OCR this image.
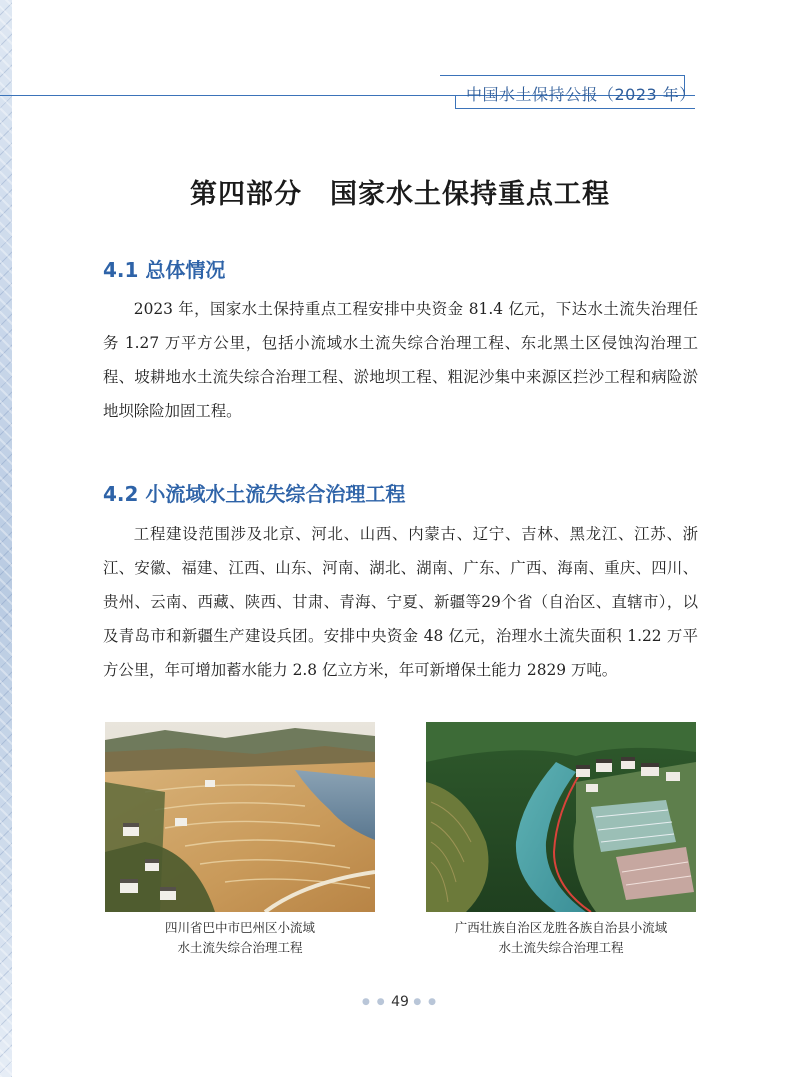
中国水土保持公报（2023 年）
第四部分　国家水土保持重点工程
4.1 总体情况

2023 年，国家水土保持重点工程安排中央资金 81.4 亿元，下达水土流失治理任务 1.27 万平方公里，包括小流域水土流失综合治理工程、东北黑土区侵蚀沟治理工程、坡耕地水土流失综合治理工程、淤地坝工程、粗泥沙集中来源区拦沙工程和病险淤地坝除险加固工程。

4.2 小流域水土流失综合治理工程

工程建设范围涉及北京、河北、山西、内蒙古、辽宁、吉林、黑龙江、江苏、浙江、安徽、福建、江西、山东、河南、湖北、湖南、广东、广西、海南、重庆、四川、贵州、云南、西藏、陕西、甘肃、青海、宁夏、新疆等29个省（自治区、直辖市），以及青岛市和新疆生产建设兵团。安排中央资金 48 亿元，治理水土流失面积 1.22 万平方公里，年可增加蓄水能力 2.8 亿立方米，年可新增保土能力 2829 万吨。

四川省巴中市巴州区小流域
水土流失综合治理工程
广西壮族自治区龙胜各族自治县小流域
水土流失综合治理工程
● ● 49 ● ●
